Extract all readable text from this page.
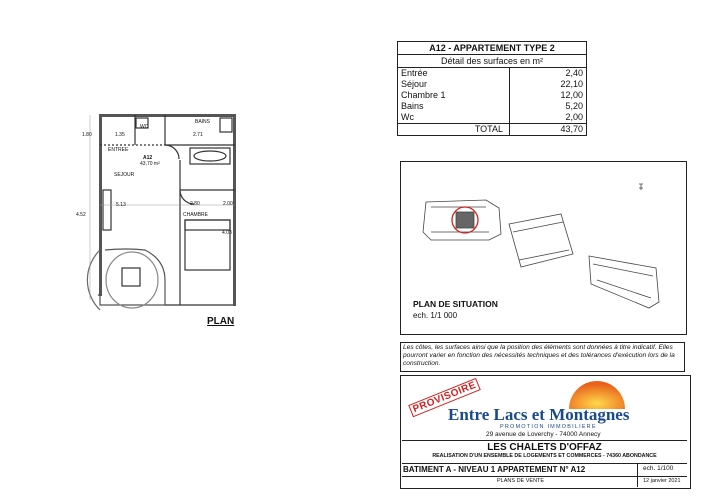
A12 - APPARTEMENT TYPE 2
Détail des surfaces en m²
Entrée	2,40
Séjour	22,10
Chambre 1	12,00
Bains	5,20
Wc	2,00
TOTAL	43,70
1.80	1.35	2.71
WC
BAINS
ENTREE
A12
43,70 m²
SEJOUR
2.80	2.00
5.13
CHAMBRE
4.52
4.03
PLAN
PLAN DE SITUATION
ech. 1/1 000
Les côtes, les surfaces ainsi que la position des éléments sont données à titre indicatif. Elles pourront varier en fonction des nécessités techniques et des tolérances d'exécution lors de la construction.
PROVISOIRE
Entre Lacs et Montagnes
PROMOTION IMMOBILIERE
29 avenue de Loverchy - 74000 Annecy
LES CHALETS D'OFFAZ
REALISATION D'UN ENSEMBLE DE LOGEMENTS ET COMMERCES - 74360 ABONDANCE
BATIMENT A - NIVEAU 1 APPARTEMENT N° A12	ech. 1/100
PLANS DE VENTE	12 janvier 2021
